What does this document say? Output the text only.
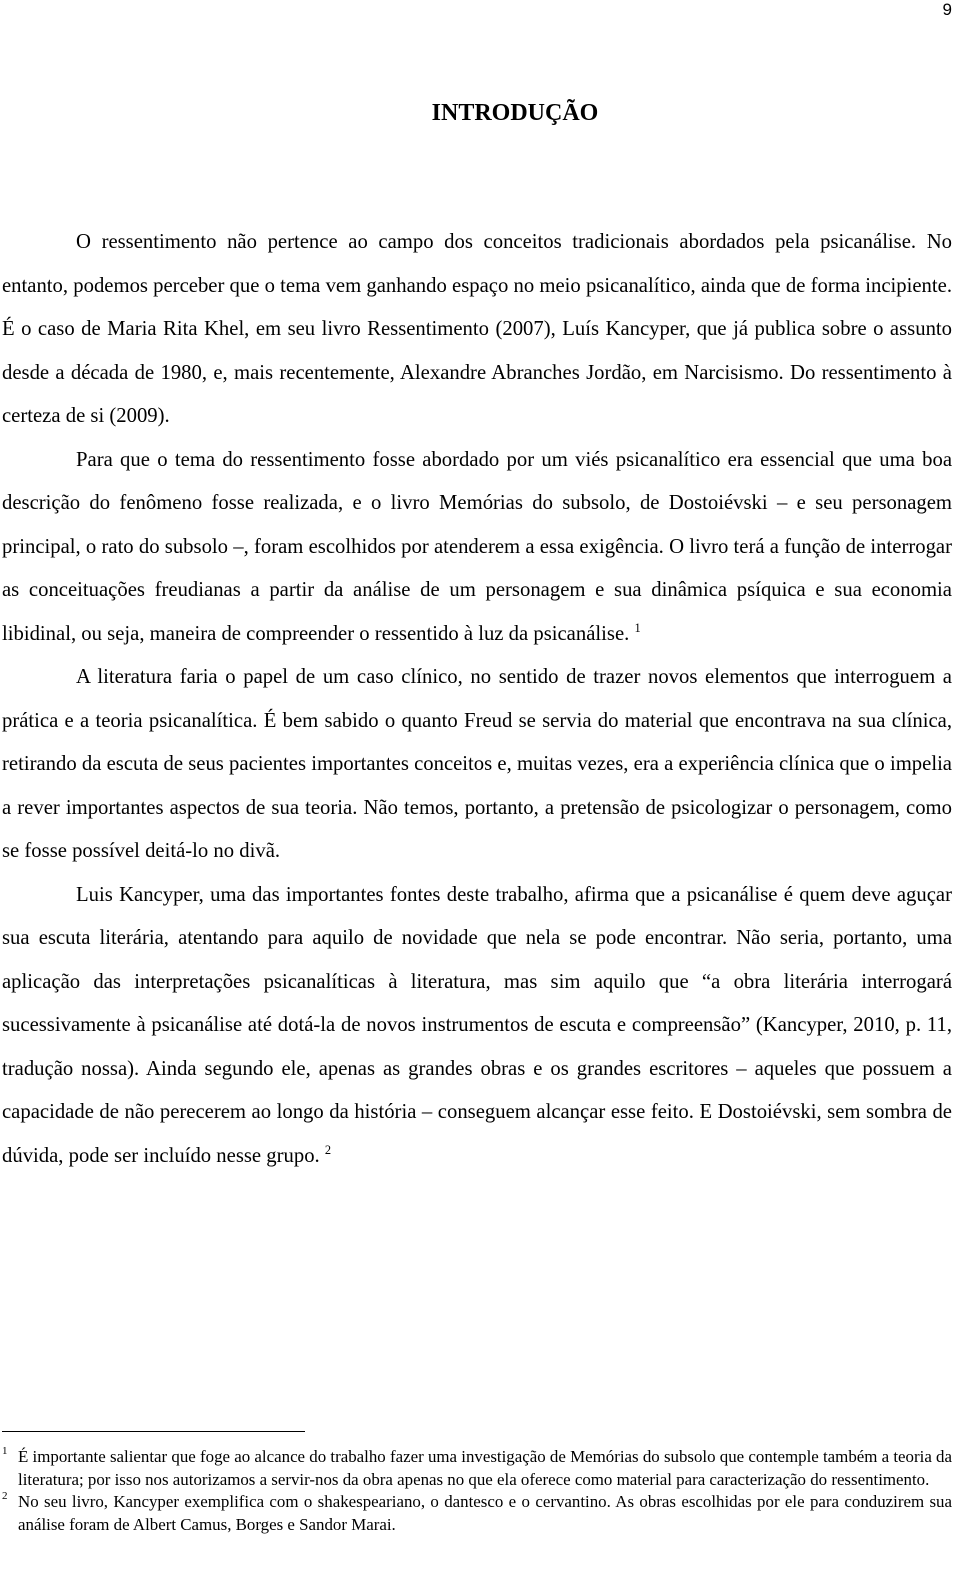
9
INTRODUÇÃO

O ressentimento não pertence ao campo dos conceitos tradicionais abordados pela psicanálise. No entanto, podemos perceber que o tema vem ganhando espaço no meio psicanalítico, ainda que de forma incipiente. É o caso de Maria Rita Khel, em seu livro Ressentimento (2007), Luís Kancyper, que já publica sobre o assunto desde a década de 1980, e, mais recentemente, Alexandre Abranches Jordão, em Narcisismo. Do ressentimento à certeza de si (2009).

Para que o tema do ressentimento fosse abordado por um viés psicanalítico era essencial que uma boa descrição do fenômeno fosse realizada, e o livro Memórias do subsolo, de Dostoiévski – e seu personagem principal, o rato do subsolo –, foram escolhidos por atenderem a essa exigência. O livro terá a função de interrogar as conceituações freudianas a partir da análise de um personagem e sua dinâmica psíquica e sua economia libidinal, ou seja, maneira de compreender o ressentido à luz da psicanálise. $^1$

A literatura faria o papel de um caso clínico, no sentido de trazer novos elementos que interroguem a prática e a teoria psicanalítica. É bem sabido o quanto Freud se servia do material que encontrava na sua clínica, retirando da escuta de seus pacientes importantes conceitos e, muitas vezes, era a experiência clínica que o impelia a rever importantes aspectos de sua teoria. Não temos, portanto, a pretensão de psicologizar o personagem, como se fosse possível deitá-lo no divã.

Luis Kancyper, uma das importantes fontes deste trabalho, afirma que a psicanálise é quem deve aguçar sua escuta literária, atentando para aquilo de novidade que nela se pode encontrar. Não seria, portanto, uma aplicação das interpretações psicanalíticas à literatura, mas sim aquilo que “a obra literária interrogará sucessivamente à psicanálise até dotá-la de novos instrumentos de escuta e compreensão” (Kancyper, 2010, p. 11, tradução nossa). Ainda segundo ele, apenas as grandes obras e os grandes escritores – aqueles que possuem a capacidade de não perecerem ao longo da história – conseguem alcançar esse feito. E Dostoiévski, sem sombra de dúvida, pode ser incluído nesse grupo. $^2$

1 É importante salientar que foge ao alcance do trabalho fazer uma investigação de Memórias do subsolo que contemple também a teoria da literatura; por isso nos autorizamos a servir-nos da obra apenas no que ela oferece como material para caracterização do ressentimento.

2 No seu livro, Kancyper exemplifica com o shakespeariano, o dantesco e o cervantino. As obras escolhidas por ele para conduzirem sua análise foram de Albert Camus, Borges e Sandor Marai.
